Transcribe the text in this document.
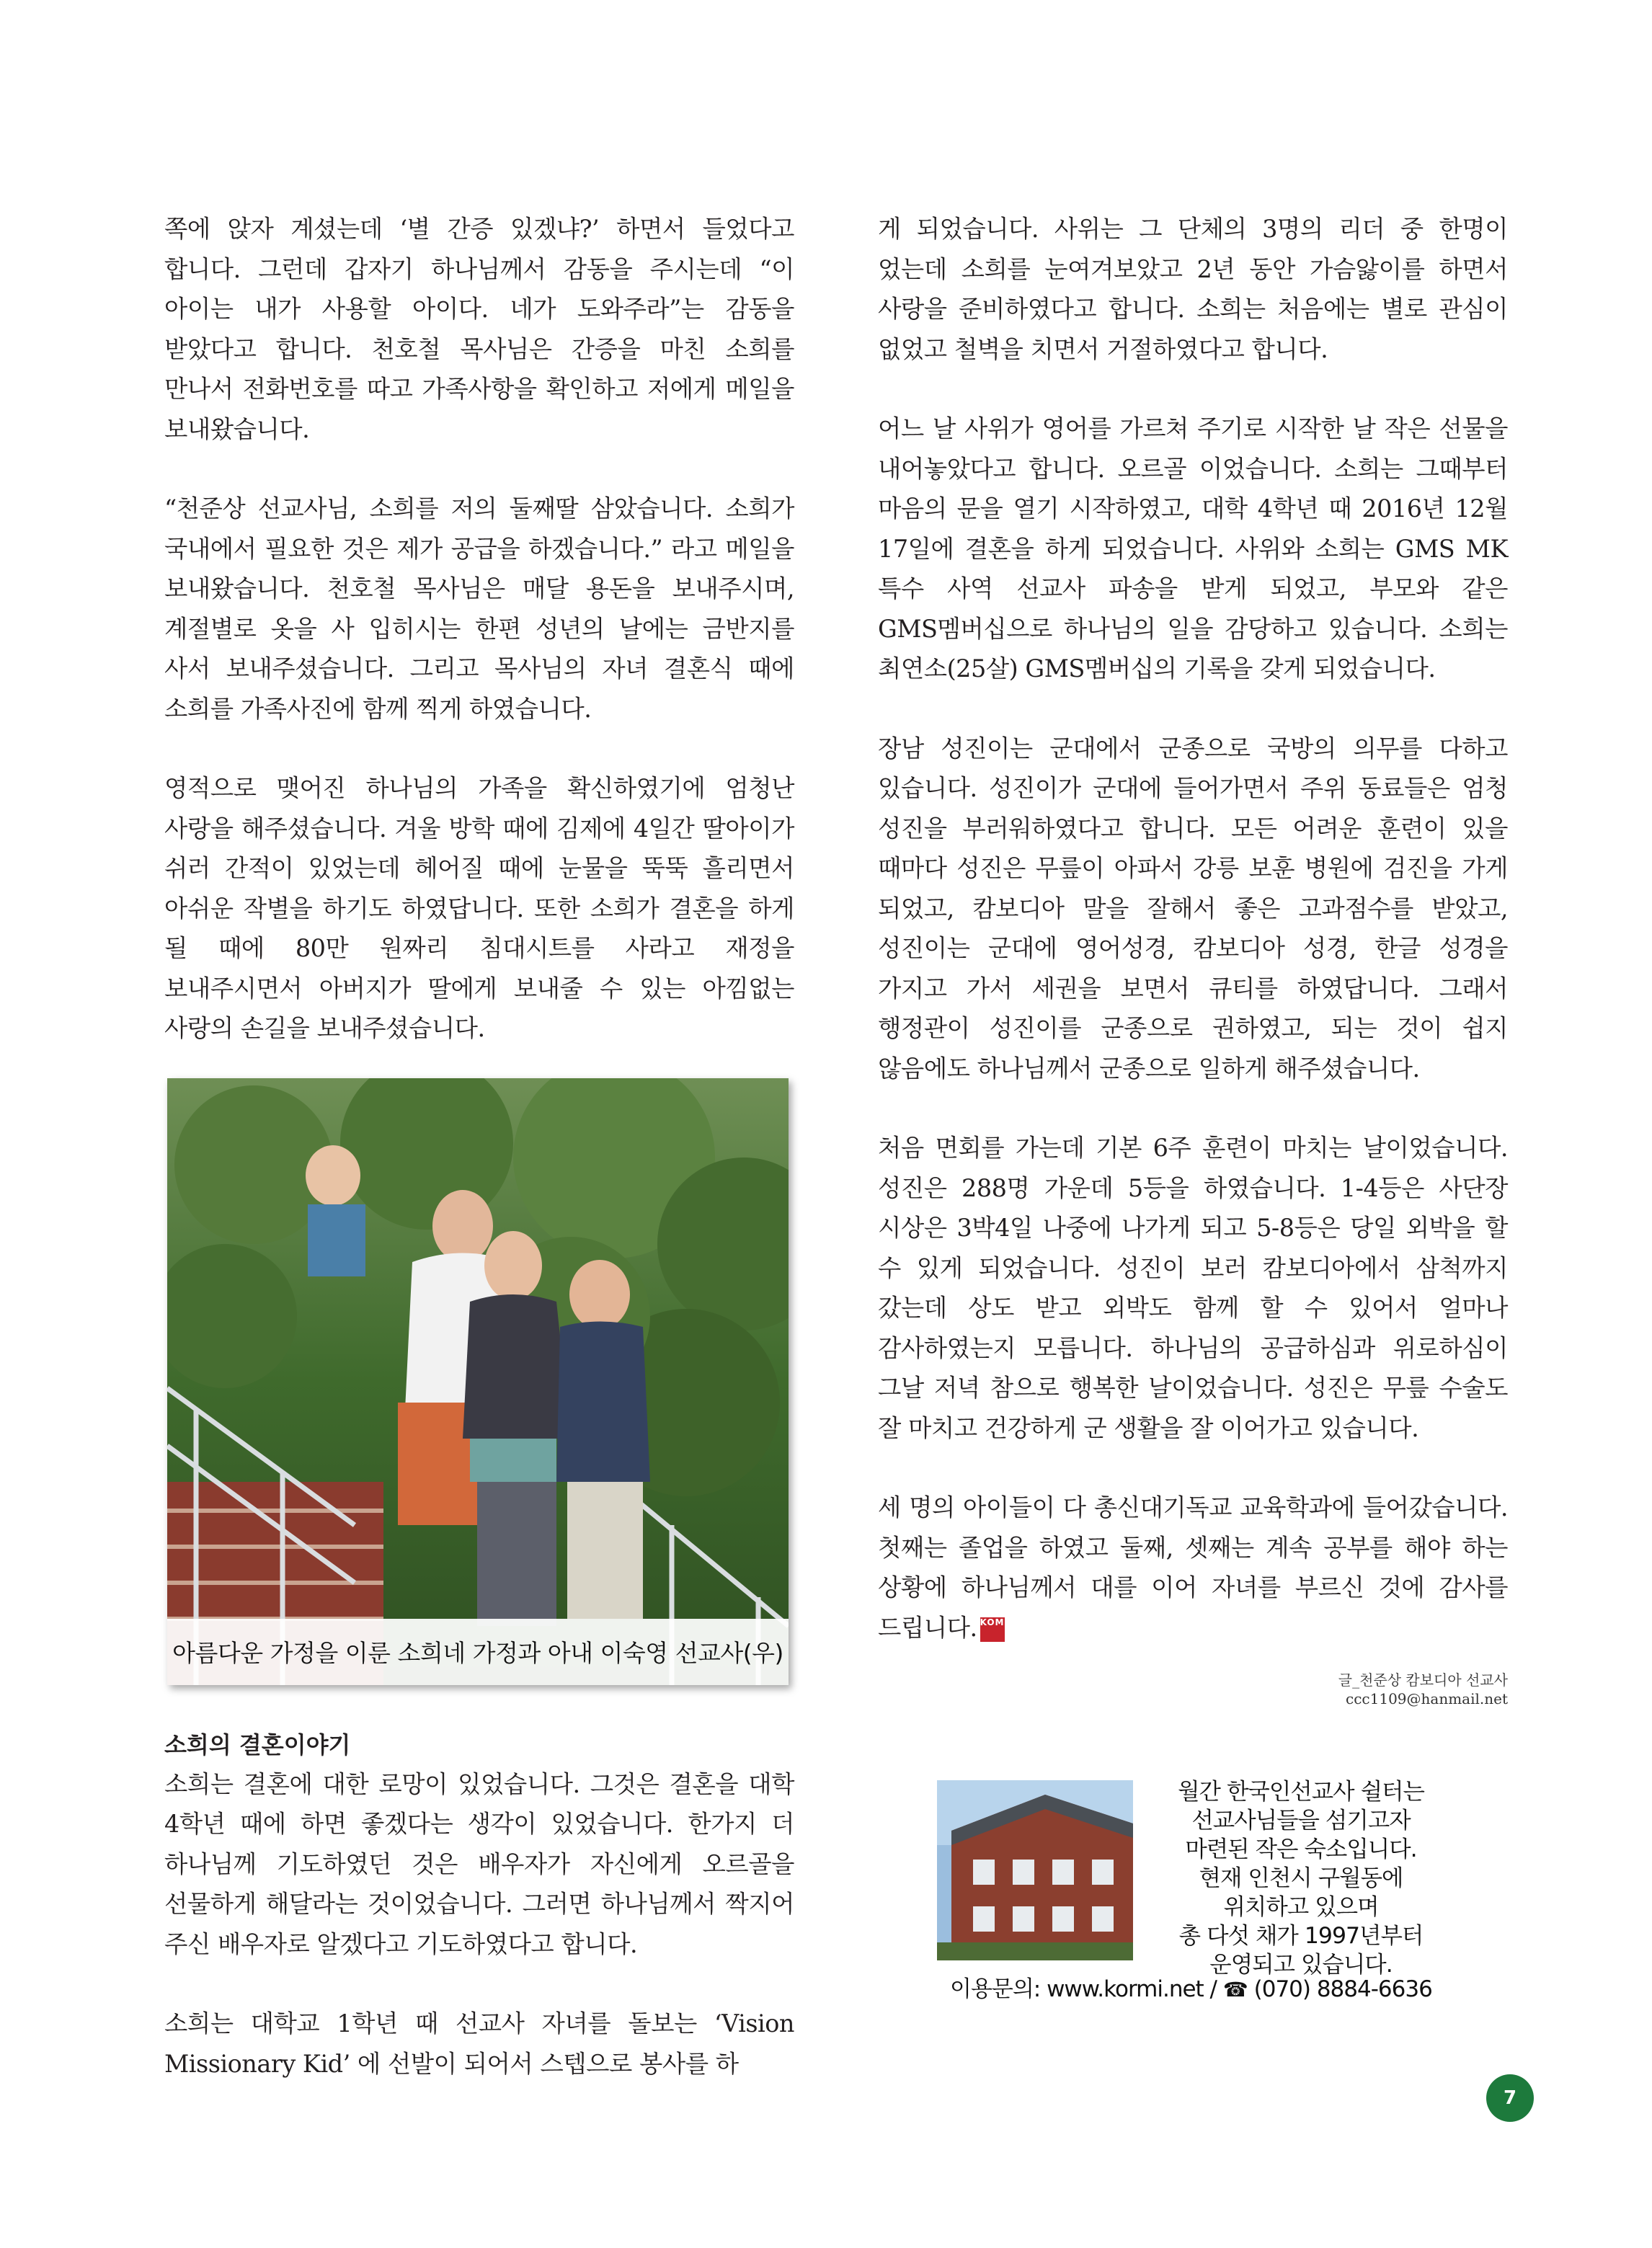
쪽에 앉자 계셨는데 ‘별 간증 있겠냐?’ 하면서 들었다고 합니다. 그런데 갑자기 하나님께서 감동을 주시는데 “이 아이는 내가 사용할 아이다. 네가 도와주라”는 감동을 받았다고 합니다. 천호철 목사님은 간증을 마친 소희를 만나서 전화번호를 따고 가족사항을 확인하고 저에게 메일을 보내왔습니다.

“천준상 선교사님, 소희를 저의 둘째딸 삼았습니다. 소희가 국내에서 필요한 것은 제가 공급을 하겠습니다.” 라고 메일을 보내왔습니다. 천호철 목사님은 매달 용돈을 보내주시며, 계절별로 옷을 사 입히시는 한편 성년의 날에는 금반지를 사서 보내주셨습니다. 그리고 목사님의 자녀 결혼식 때에 소희를 가족사진에 함께 찍게 하였습니다.

영적으로 맺어진 하나님의 가족을 확신하였기에 엄청난 사랑을 해주셨습니다. 겨울 방학 때에 김제에 4일간 딸아이가 쉬러 간적이 있었는데 헤어질 때에 눈물을 뚝뚝 흘리면서 아쉬운 작별을 하기도 하였답니다. 또한 소희가 결혼을 하게 될 때에 80만 원짜리 침대시트를 사라고 재정을 보내주시면서 아버지가 딸에게 보내줄 수 있는 아낌없는 사랑의 손길을 보내주셨습니다.

아름다운 가정을 이룬 소희네 가정과 아내 이숙영 선교사(우)
소희의 결혼이야기

소희는 결혼에 대한 로망이 있었습니다. 그것은 결혼을 대학 4학년 때에 하면 좋겠다는 생각이 있었습니다. 한가지 더 하나님께 기도하였던 것은 배우자가 자신에게 오르골을 선물하게 해달라는 것이었습니다. 그러면 하나님께서 짝지어 주신 배우자로 알겠다고 기도하였다고 합니다.

소희는 대학교 1학년 때 선교사 자녀를 돌보는 ‘Vision Missionary Kid’ 에 선발이 되어서 스텝으로 봉사를 하

게 되었습니다. 사위는 그 단체의 3명의 리더 중 한명이 었는데 소희를 눈여겨보았고 2년 동안 가슴앓이를 하면서 사랑을 준비하였다고 합니다. 소희는 처음에는 별로 관심이 없었고 철벽을 치면서 거절하였다고 합니다.

어느 날 사위가 영어를 가르쳐 주기로 시작한 날 작은 선물을 내어놓았다고 합니다. 오르골 이었습니다. 소희는 그때부터 마음의 문을 열기 시작하였고, 대학 4학년 때 2016년 12월 17일에 결혼을 하게 되었습니다. 사위와 소희는 GMS MK 특수 사역 선교사 파송을 받게 되었고, 부모와 같은 GMS멤버십으로 하나님의 일을 감당하고 있습니다. 소희는 최연소(25살) GMS멤버십의 기록을 갖게 되었습니다.

장남 성진이는 군대에서 군종으로 국방의 의무를 다하고 있습니다. 성진이가 군대에 들어가면서 주위 동료들은 엄청 성진을 부러워하였다고 합니다. 모든 어려운 훈련이 있을 때마다 성진은 무릎이 아파서 강릉 보훈 병원에 검진을 가게 되었고, 캄보디아 말을 잘해서 좋은 고과점수를 받았고, 성진이는 군대에 영어성경, 캄보디아 성경, 한글 성경을 가지고 가서 세권을 보면서 큐티를 하였답니다. 그래서 행정관이 성진이를 군종으로 권하였고, 되는 것이 쉽지 않음에도 하나님께서 군종으로 일하게 해주셨습니다.

처음 면회를 가는데 기본 6주 훈련이 마치는 날이었습니다. 성진은 288명 가운데 5등을 하였습니다. 1-4등은 사단장 시상은 3박4일 나중에 나가게 되고 5-8등은 당일 외박을 할 수 있게 되었습니다. 성진이 보러 캄보디아에서 삼척까지 갔는데 상도 받고 외박도 함께 할 수 있어서 얼마나 감사하였는지 모릅니다. 하나님의 공급하심과 위로하심이 그날 저녁 참으로 행복한 날이었습니다. 성진은 무릎 수술도 잘 마치고 건강하게 군 생활을 잘 이어가고 있습니다.

세 명의 아이들이 다 총신대기독교 교육학과에 들어갔습니다. 첫째는 졸업을 하였고 둘째, 셋째는 계속 공부를 해야 하는 상황에 하나님께서 대를 이어 자녀를 부르신 것에 감사를 드립니다. KOMI

글_천준상 캄보디아 선교사
ccc1109@hanmail.net
월간 한국인선교사 쉴터는
선교사님들을 섬기고자
마련된 작은 숙소입니다.
현재 인천시 구월동에
위치하고 있으며
총 다섯 채가 1997년부터
운영되고 있습니다.
이용문의: www.kormi.net / ☎ (070) 8884-6636
7
